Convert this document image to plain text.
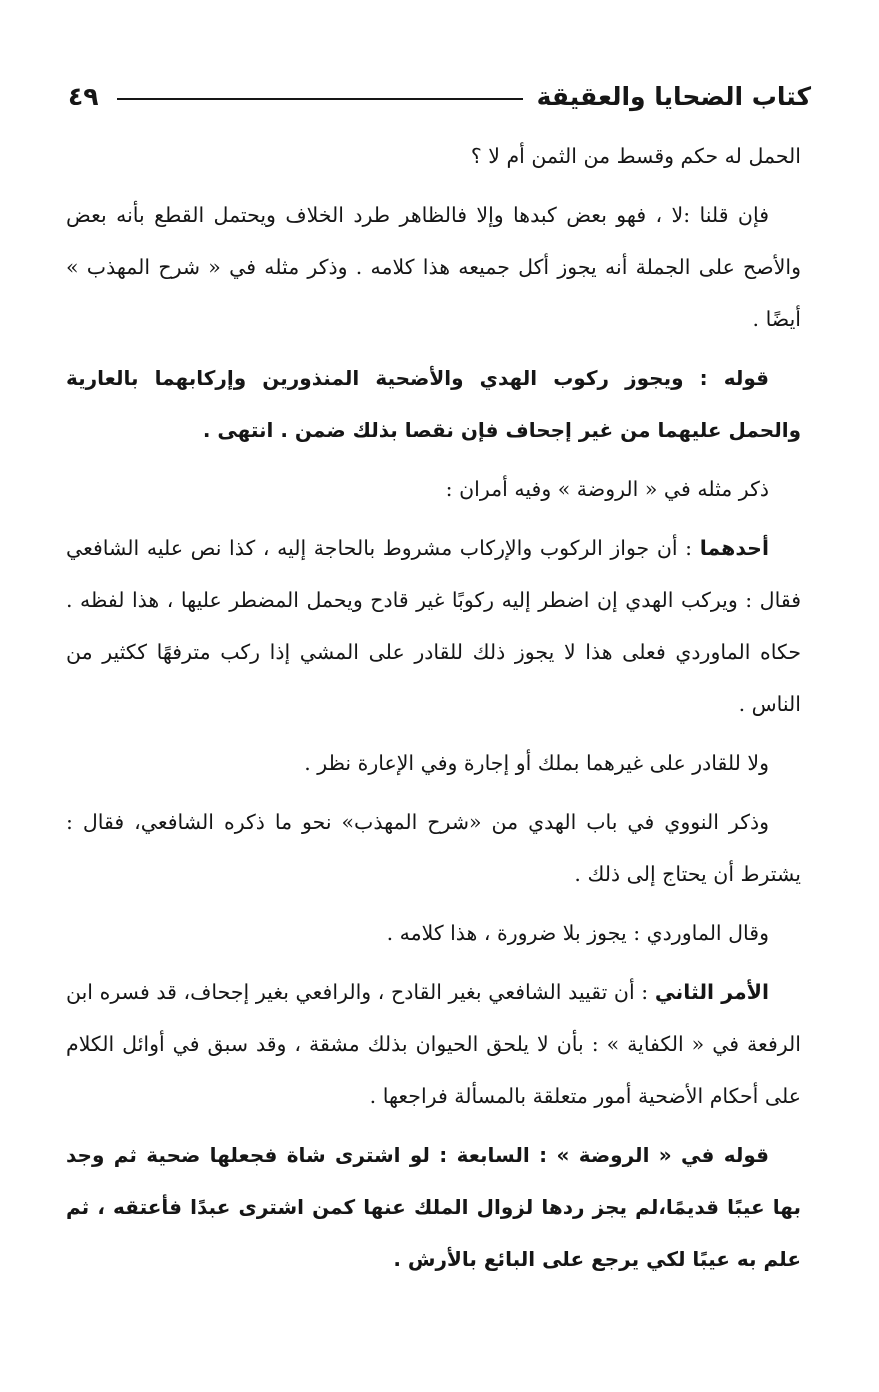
كتاب الضحايا والعقيقة
٤٩

الحمل له حكم وقسط من الثمن أم لا ؟

فإن قلنا :لا ، فهو بعض كبدها وإلا فالظاهر طرد الخلاف ويحتمل القطع بأنه بعض والأصح على الجملة أنه يجوز أكل جميعه هذا كلامه . وذكر مثله في « شرح المهذب » أيضًا .

قوله : ويجوز ركوب الهدي والأضحية المنذورين وإركابهما بالعارية والحمل عليهما من غير إجحاف فإن نقصا بذلك ضمن . انتهى .

ذكر مثله في « الروضة » وفيه أمران :

أحدهما : أن جواز الركوب والإركاب مشروط بالحاجة إليه ، كذا نص عليه الشافعي فقال : ويركب الهدي إن اضطر إليه ركوبًا غير قادح ويحمل المضطر عليها ، هذا لفظه . حكاه الماوردي فعلى هذا لا يجوز ذلك للقادر على المشي إذا ركب مترفهًا ككثير من الناس .

ولا للقادر على غيرهما بملك أو إجارة وفي الإعارة نظر .

وذكر النووي في باب الهدي من «شرح المهذب» نحو ما ذكره الشافعي، فقال : يشترط أن يحتاج إلى ذلك .

وقال الماوردي : يجوز بلا ضرورة ، هذا كلامه .

الأمر الثاني : أن تقييد الشافعي بغير القادح ، والرافعي بغير إجحاف، قد فسره ابن الرفعة في « الكفاية » : بأن لا يلحق الحيوان بذلك مشقة ، وقد سبق في أوائل الكلام على أحكام الأضحية أمور متعلقة بالمسألة فراجعها .

قوله في « الروضة » : السابعة : لو اشترى شاة فجعلها ضحية ثم وجد بها عيبًا قديمًا،لم يجز ردها لزوال الملك عنها كمن اشترى عبدًا فأعتقه ، ثم علم به عيبًا لكي يرجع على البائع بالأرش .
